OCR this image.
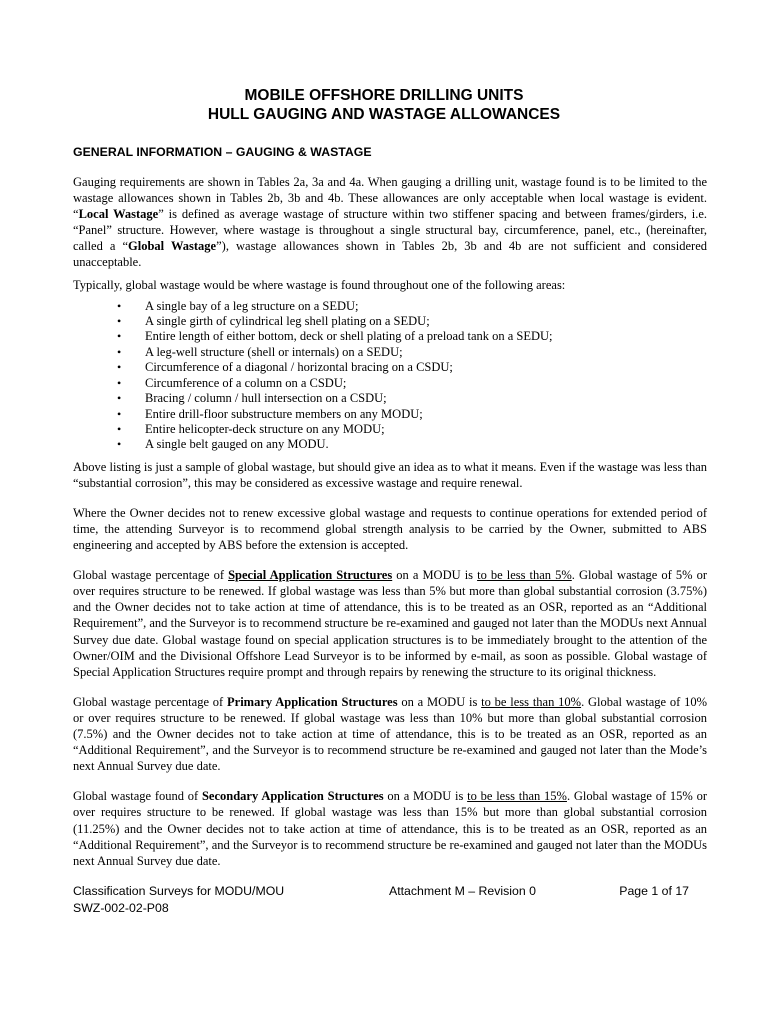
MOBILE OFFSHORE DRILLING UNITS
HULL GAUGING AND WASTAGE ALLOWANCES
GENERAL INFORMATION – GAUGING & WASTAGE

Gauging requirements are shown in Tables 2a, 3a and 4a. When gauging a drilling unit, wastage found is to be limited to the wastage allowances shown in Tables 2b, 3b and 4b. These allowances are only acceptable when local wastage is evident. “Local Wastage” is defined as average wastage of structure within two stiffener spacing and between frames/girders, i.e. “Panel” structure. However, where wastage is throughout a single structural bay, circumference, panel, etc., (hereinafter, called a “Global Wastage”), wastage allowances shown in Tables 2b, 3b and 4b are not sufficient and considered unacceptable.

Typically, global wastage would be where wastage is found throughout one of the following areas:

• A single bay of a leg structure on a SEDU;
• A single girth of cylindrical leg shell plating on a SEDU;
• Entire length of either bottom, deck or shell plating of a preload tank on a SEDU;
• A leg-well structure (shell or internals) on a SEDU;
• Circumference of a diagonal / horizontal bracing on a CSDU;
• Circumference of a column on a CSDU;
• Bracing / column / hull intersection on a CSDU;
• Entire drill-floor substructure members on any MODU;
• Entire helicopter-deck structure on any MODU;
• A single belt gauged on any MODU.

Above listing is just a sample of global wastage, but should give an idea as to what it means. Even if the wastage was less than “substantial corrosion”, this may be considered as excessive wastage and require renewal.

Where the Owner decides not to renew excessive global wastage and requests to continue operations for extended period of time, the attending Surveyor is to recommend global strength analysis to be carried by the Owner, submitted to ABS engineering and accepted by ABS before the extension is accepted.

Global wastage percentage of Special Application Structures on a MODU is to be less than 5%. Global wastage of 5% or over requires structure to be renewed. If global wastage was less than 5% but more than global substantial corrosion (3.75%) and the Owner decides not to take action at time of attendance, this is to be treated as an OSR, reported as an “Additional Requirement”, and the Surveyor is to recommend structure be re-examined and gauged not later than the MODUs next Annual Survey due date. Global wastage found on special application structures is to be immediately brought to the attention of the Owner/OIM and the Divisional Offshore Lead Surveyor is to be informed by e-mail, as soon as possible. Global wastage of Special Application Structures require prompt and through repairs by renewing the structure to its original thickness.

Global wastage percentage of Primary Application Structures on a MODU is to be less than 10%. Global wastage of 10% or over requires structure to be renewed. If global wastage was less than 10% but more than global substantial corrosion (7.5%) and the Owner decides not to take action at time of attendance, this is to be treated as an OSR, reported as an “Additional Requirement”, and the Surveyor is to recommend structure be re-examined and gauged not later than the Mode’s next Annual Survey due date.

Global wastage found of Secondary Application Structures on a MODU is to be less than 15%. Global wastage of 15% or over requires structure to be renewed. If global wastage was less than 15% but more than global substantial corrosion (11.25%) and the Owner decides not to take action at time of attendance, this is to be treated as an OSR, reported as an “Additional Requirement”, and the Surveyor is to recommend structure be re-examined and gauged not later than the MODUs next Annual Survey due date.

Classification Surveys for MODU/MOU	Attachment M – Revision 0	Page 1 of 17
SWZ-002-02-P08
